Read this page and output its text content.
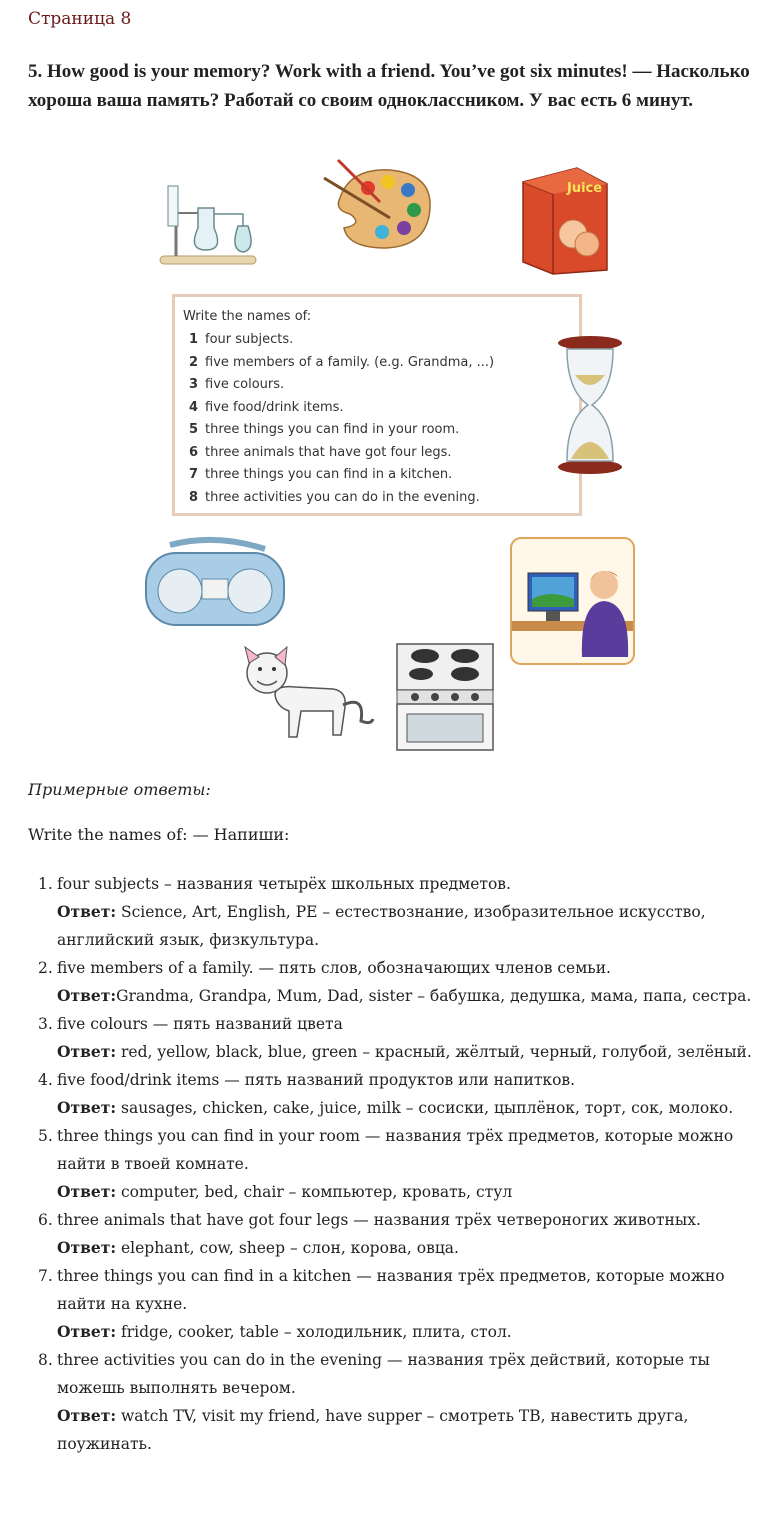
Страница 8
5. How good is your memory? Work with a friend. You’ve got six minutes! — Насколько хороша ваша память? Работай со своим одноклассником. У вас есть 6 минут.
Juice
Write the names of:
1 four subjects.
2 five members of a family. (e.g. Grandma, ...)
3 five colours.
4 five food/drink items.
5 three things you can find in your room.
6 three animals that have got four legs.
7 three things you can find in a kitchen.
8 three activities you can do in the evening.
Примерные ответы:
Write the names of: — Напиши:
1. four subjects – названия четырёх школьных предметов.
Ответ: Science, Art, English, PE – естествознание, изобразительное искусство, английский язык, физкультура.
2. five members of a family. — пять слов, обозначающих членов семьи.
Ответ:Grandma, Grandpa, Mum, Dad, sister – бабушка, дедушка, мама, папа, сестра.
3. five colours — пять названий цвета
Ответ: red, yellow, black, blue, green – красный, жёлтый, черный, голубой, зелёный.
4. five food/drink items — пять названий продуктов или напитков.
Ответ: sausages, chicken, cake, juice, milk – сосиски, цыплёнок, торт, сок, молоко.
5. three things you can find in your room — названия трёх предметов, которые можно найти в твоей комнате.
Ответ: computer, bed, chair – компьютер, кровать, стул
6. three animals that have got four legs — названия трёх четвероногих животных.
Ответ: elephant, cow, sheep – слон, корова, овца.
7. three things you can find in a kitchen — названия трёх предметов, которые можно найти на кухне.
Ответ: fridge, cooker, table – холодильник, плита, стол.
8. three activities you can do in the evening — названия трёх действий, которые ты можешь выполнять вечером.
Ответ: watch TV, visit my friend, have supper – смотреть ТВ, навестить друга, поужинать.
